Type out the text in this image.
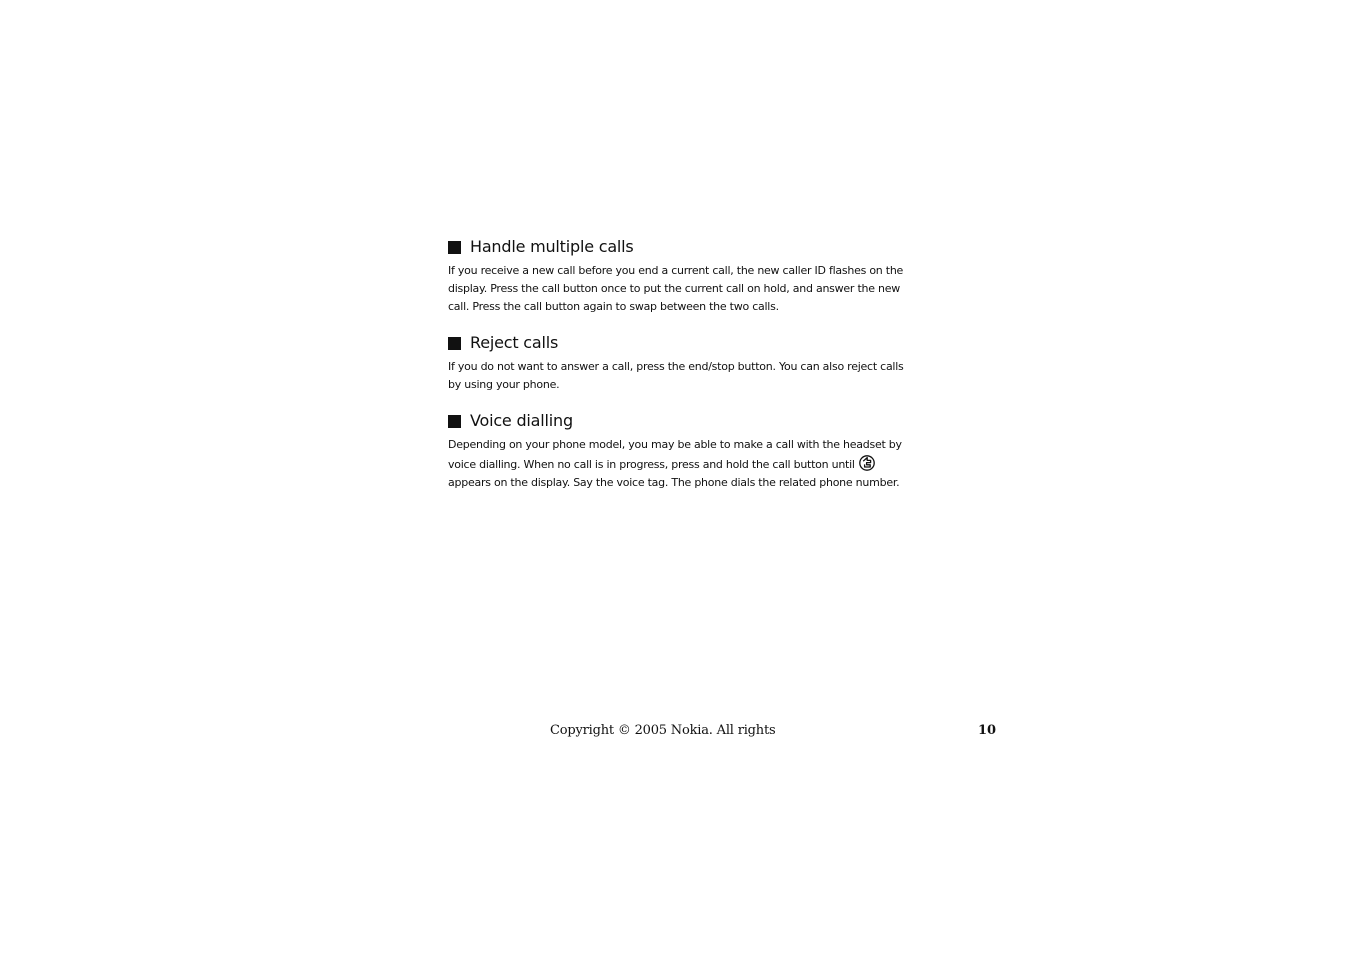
Handle multiple calls

If you receive a new call before you end a current call, the new caller ID flashes on the display. Press the call button once to put the current call on hold, and answer the new call. Press the call button again to swap between the two calls.

Reject calls

If you do not want to answer a call, press the end/stop button. You can also reject calls by using your phone.

Voice dialling

Depending on your phone model, you may be able to make a call with the headset by voice dialling. When no call is in progress, press and hold the call button until appears on the display. Say the voice tag. The phone dials the related phone number.

Copyright © 2005 Nokia. All rights	10
